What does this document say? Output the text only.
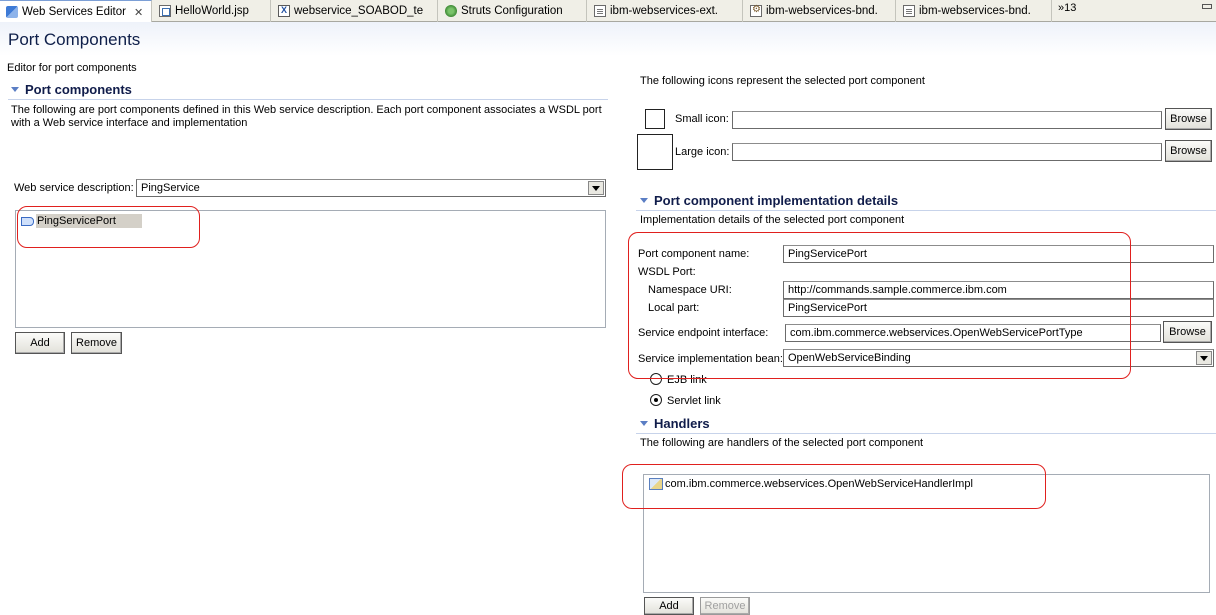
Web Services Editor ✕	HelloWorld.jsp X	webservice_SOABOD_te	Struts Configuration	ibm-webservices-ext. ⚙	ibm-webservices-bnd.	ibm-webservices-bnd. »13
Port Components
Editor for port components
Port components
The following are port components defined in this Web service description. Each port component associates a WSDL port with a Web service interface and implementation
Web service description: PingService
PingServicePort
Add	Remove
The following icons represent the selected port component
Small icon:	Browse
Large icon:	Browse
Port component implementation details
Implementation details of the selected port component
Port component name:	PingServicePort
WSDL Port:
Namespace URI:	http://commands.sample.commerce.ibm.com
Local part:	PingServicePort
Service endpoint interface:	com.ibm.commerce.webservices.OpenWebServicePortType	Browse
Service implementation bean: OpenWebServiceBinding
EJB link
Servlet link
Handlers
The following are handlers of the selected port component
com.ibm.commerce.webservices.OpenWebServiceHandlerImpl
Add	Remove
